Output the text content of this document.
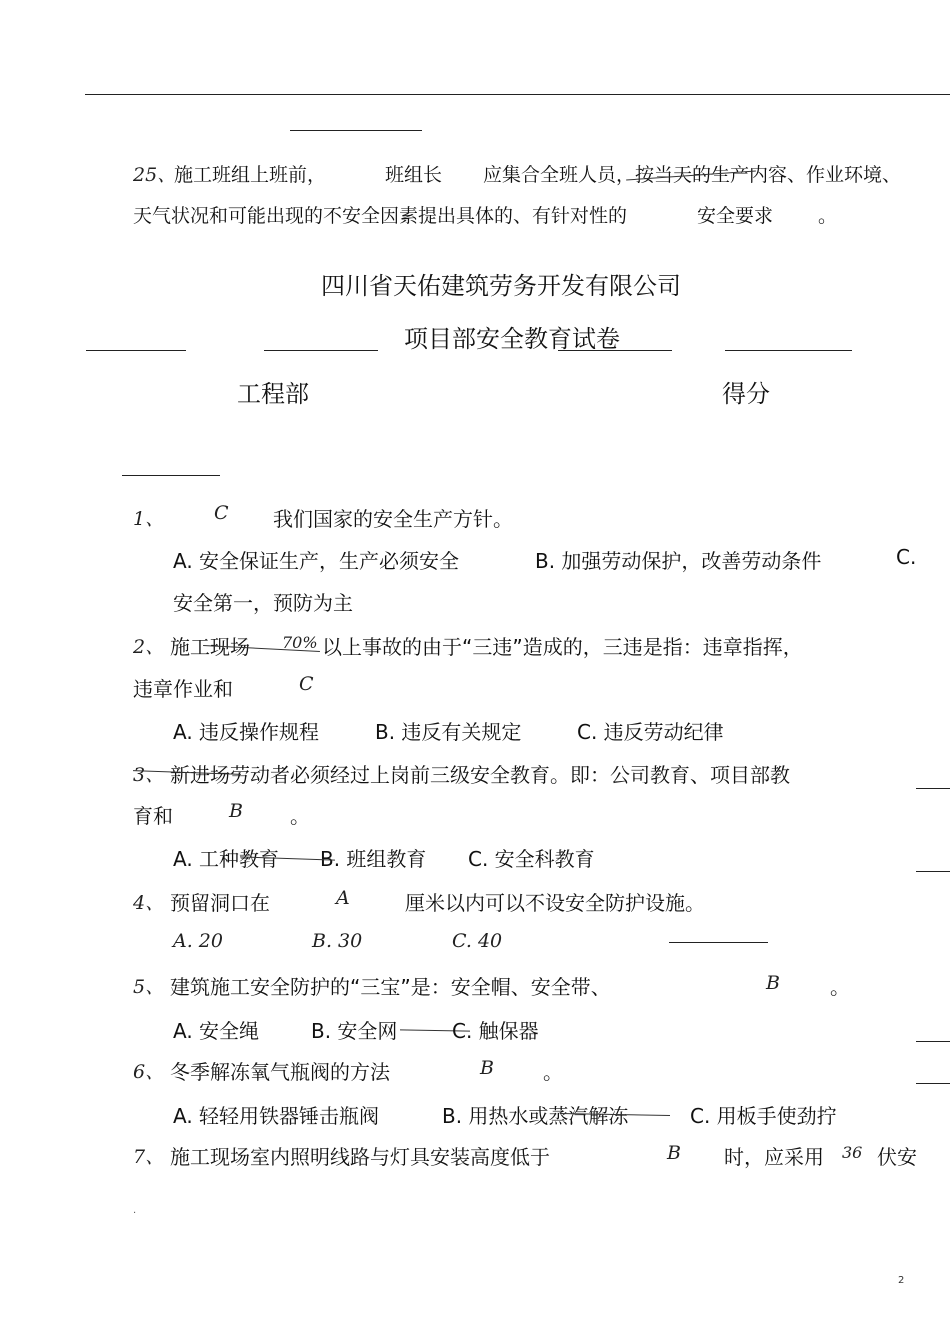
25、
施工班组上班前，	班组长 应集合全班人员，按当天的生产内容、作业环境、
天气状况和可能出现的不安全因素提出具体的、有针对性的	安全要求 。
四川省天佑建筑劳务开发有限公司
项目部安全教育试卷
工程部	得分
1、	C 我们国家的安全生产方针。
A. 安全保证生产，生产必须安全	B. 加强劳动保护，改善劳动条件	C.
安全第一，预防为主
2、 施工现场 70% 以上事故的由于“三违”造成的，三违是指：违章指挥，
违章作业和	C
A. 违反操作规程	B. 违反有关规定	C. 违反劳动纪律
3、 新进场劳动者必须经过上岗前三级安全教育。即：公司教育、项目部教
育和	B 。
A. 工种教育 B. 班组教育 C. 安全科教育
4、 预留洞口在	A	厘米以内可以不设安全防护设施。
A. 20	B. 30	C. 40
5、 建筑施工安全防护的“三宝”是：安全帽、安全带、	B	。
A. 安全绳	B. 安全网	C. 触保器
6、 冬季解冻氧气瓶阀的方法	B 。
A. 轻轻用铁器锤击瓶阀	B. 用热水或蒸汽解冻	C. 用板手使劲拧
7、 施工现场室内照明线路与灯具安装高度低于	B 时，应采用 36 伏安
.
2
